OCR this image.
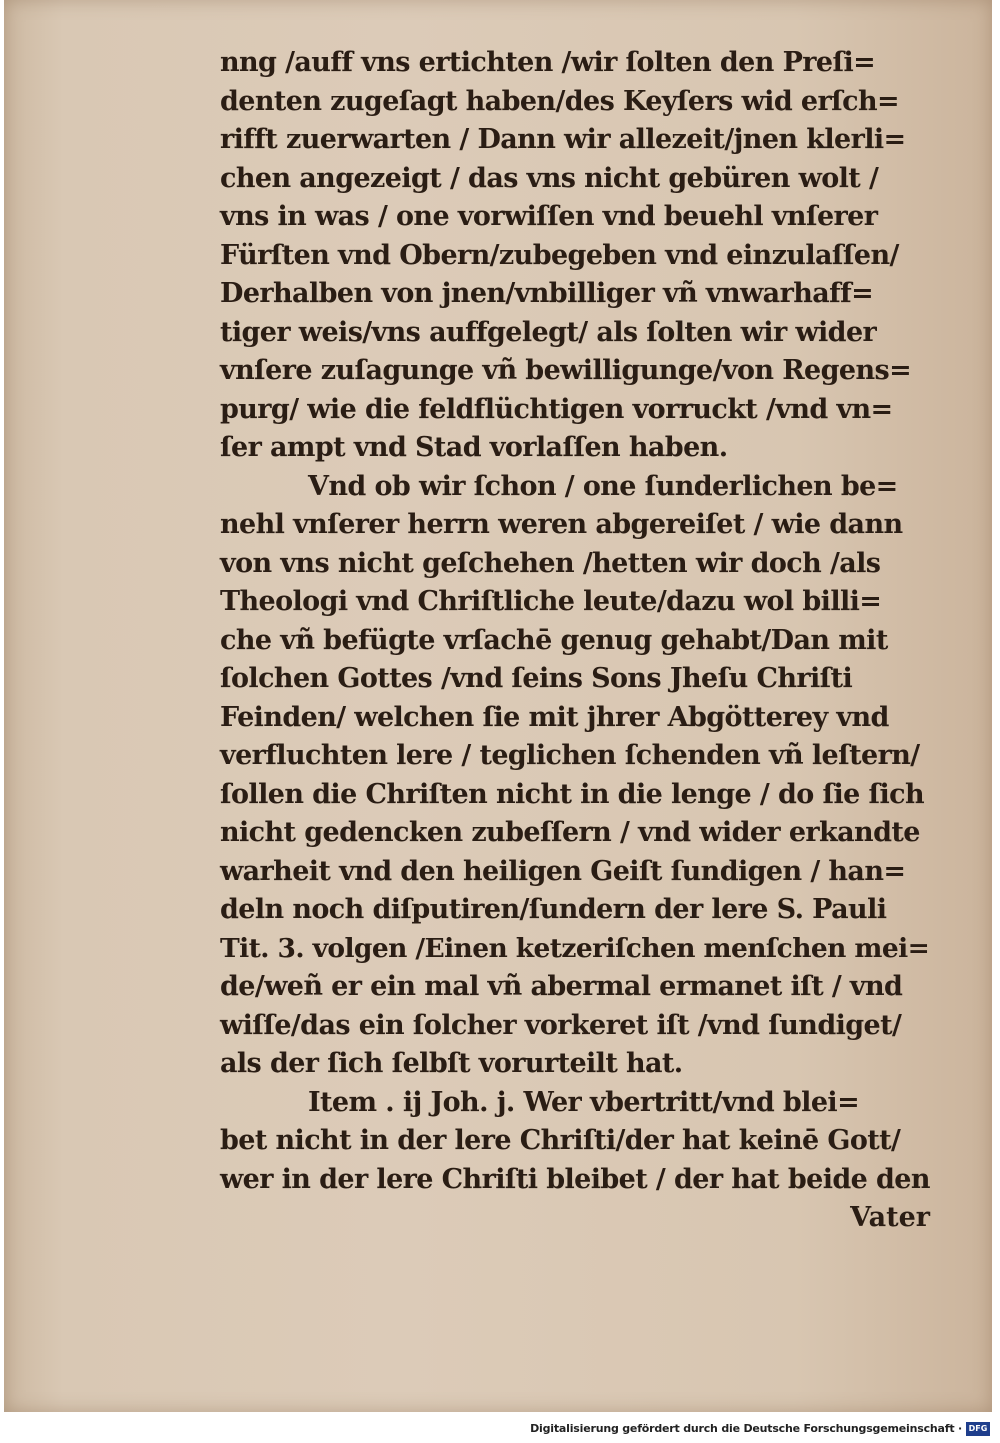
nng /auff vns ertichten /wir ſolten den Preſi=
denten zugeſagt haben/des Keyſers wid erſch=
rifft zuerwarten / Dann wir allezeit/jnen klerli=
chen angezeigt / das vns nicht gebüren wolt /
vns in was / one vorwiſſen vnd beuehl vnſerer
Fürſten vnd Obern/zubegeben vnd einzulaſſen/
Derhalben von jnen/vnbilliger vñ vnwarhaff=
tiger weis/vns auffgelegt/ als ſolten wir wider
vnſere zuſagunge vñ bewilligunge/von Regens=
purg/ wie die feldflüchtigen vorruckt /vnd vn=
ſer ampt vnd Stad vorlaſſen haben.
Vnd ob wir ſchon / one ſunderlichen be=
nehl vnſerer herrn weren abgereiſet / wie dann
von vns nicht geſchehen /hetten wir doch /als
Theologi vnd Chriſtliche leute/dazu wol billi=
che vñ befügte vrſachē genug gehabt/Dan mit
ſolchen Gottes /vnd ſeins Sons Jheſu Chriſti
Feinden/ welchen ſie mit jhrer Abgötterey vnd
verfluchten lere / teglichen ſchenden vñ leſtern/
ſollen die Chriſten nicht in die lenge / do ſie ſich
nicht gedencken zubeſſern / vnd wider erkandte
warheit vnd den heiligen Geiſt ſundigen / han=
deln noch diſputiren/ſundern der lere S. Pauli
Tit. 3. volgen /Einen ketzeriſchen menſchen mei=
de/weñ er ein mal vñ abermal ermanet iſt / vnd
wiſſe/das ein ſolcher vorkeret iſt /vnd ſundiget/
als der ſich ſelbſt vorurteilt hat.
Item . ij Joh. j. Wer vbertritt/vnd blei=
bet nicht in der lere Chriſti/der hat keinē Gott/
wer in der lere Chriſti bleibet / der hat beide den
Vater
Digitalisierung gefördert durch die Deutsche Forschungsgemeinschaft · DFG
